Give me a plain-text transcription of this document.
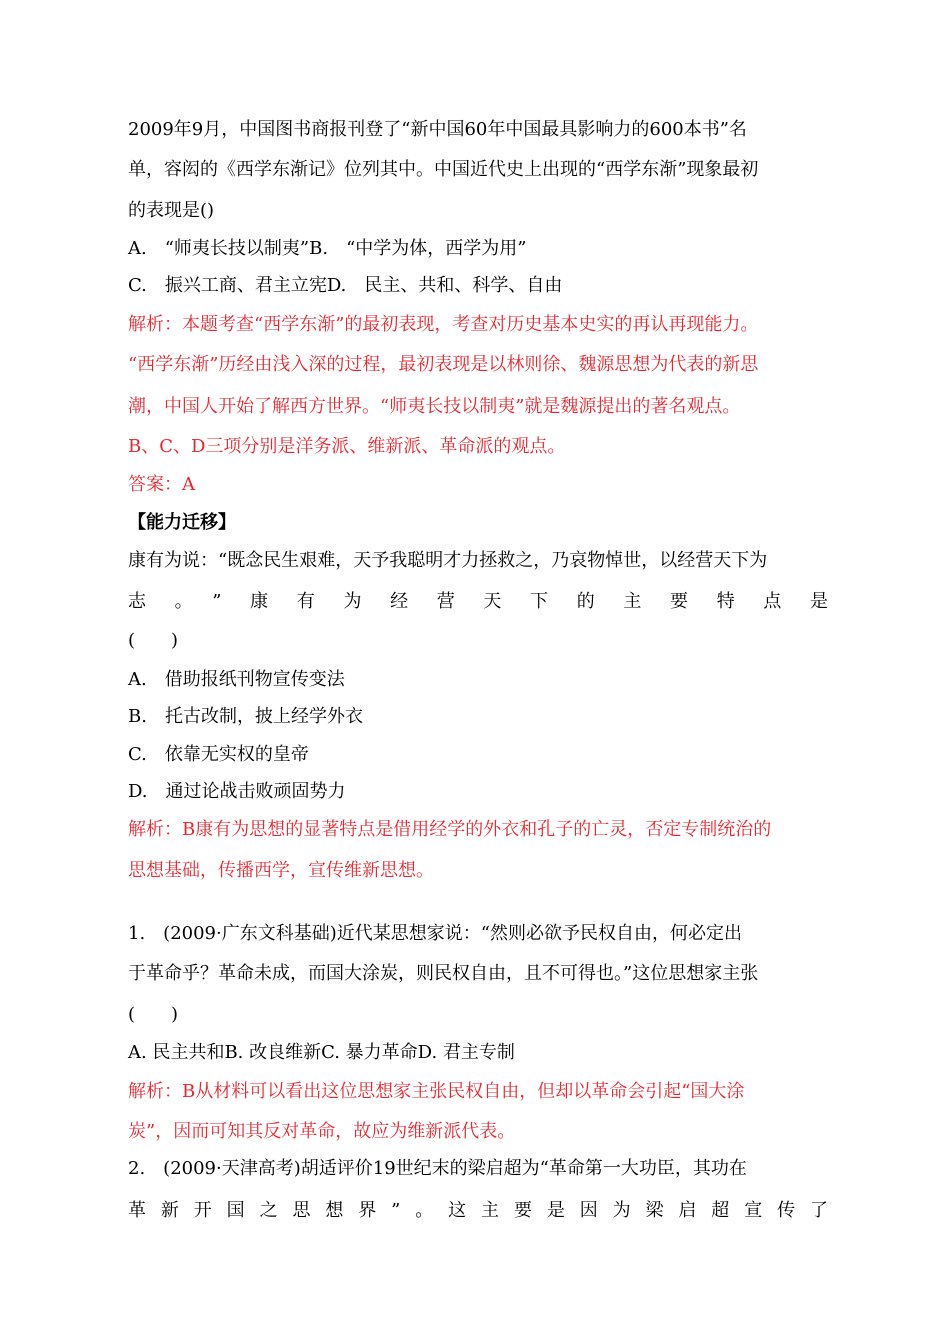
2009年9月，中国图书商报刊登了“新中国60年中国最具影响力的600本书”名
单，容闳的《西学东渐记》位列其中。中国近代史上出现的“西学东渐”现象最初
的表现是()
A.　“师夷长技以制夷”B.　“中学为体，西学为用”
C.　振兴工商、君主立宪D.　民主、共和、科学、自由
解析：本题考查“西学东渐”的最初表现，考查对历史基本史实的再认再现能力。
“西学东渐”历经由浅入深的过程，最初表现是以林则徐、魏源思想为代表的新思
潮，中国人开始了解西方世界。“师夷长技以制夷”就是魏源提出的著名观点。
B、C、D三项分别是洋务派、维新派、革命派的观点。
答案：A
【能力迁移】
康有为说：“既念民生艰难，天予我聪明才力拯救之，乃哀物悼世，以经营天下为
志。”康有为经营天下的主要特点是
(　　)
A.　借助报纸刊物宣传变法
B.　托古改制，披上经学外衣
C.　依靠无实权的皇帝
D.　通过论战击败顽固势力
解析：B康有为思想的显著特点是借用经学的外衣和孔子的亡灵，否定专制统治的
思想基础，传播西学，宣传维新思想。
1.　(2009·广东文科基础)近代某思想家说：“然则必欲予民权自由，何必定出
于革命乎？革命未成，而国大涂炭，则民权自由，且不可得也。”这位思想家主张
(　　)
A. 民主共和B. 改良维新C. 暴力革命D. 君主专制
解析：B从材料可以看出这位思想家主张民权自由，但却以革命会引起“国大涂
炭”，因而可知其反对革命，故应为维新派代表。
2.　(2009·天津高考)胡适评价19世纪末的梁启超为“革命第一大功臣，其功在
革新开国之思想界”。这主要是因为梁启超宣传了
